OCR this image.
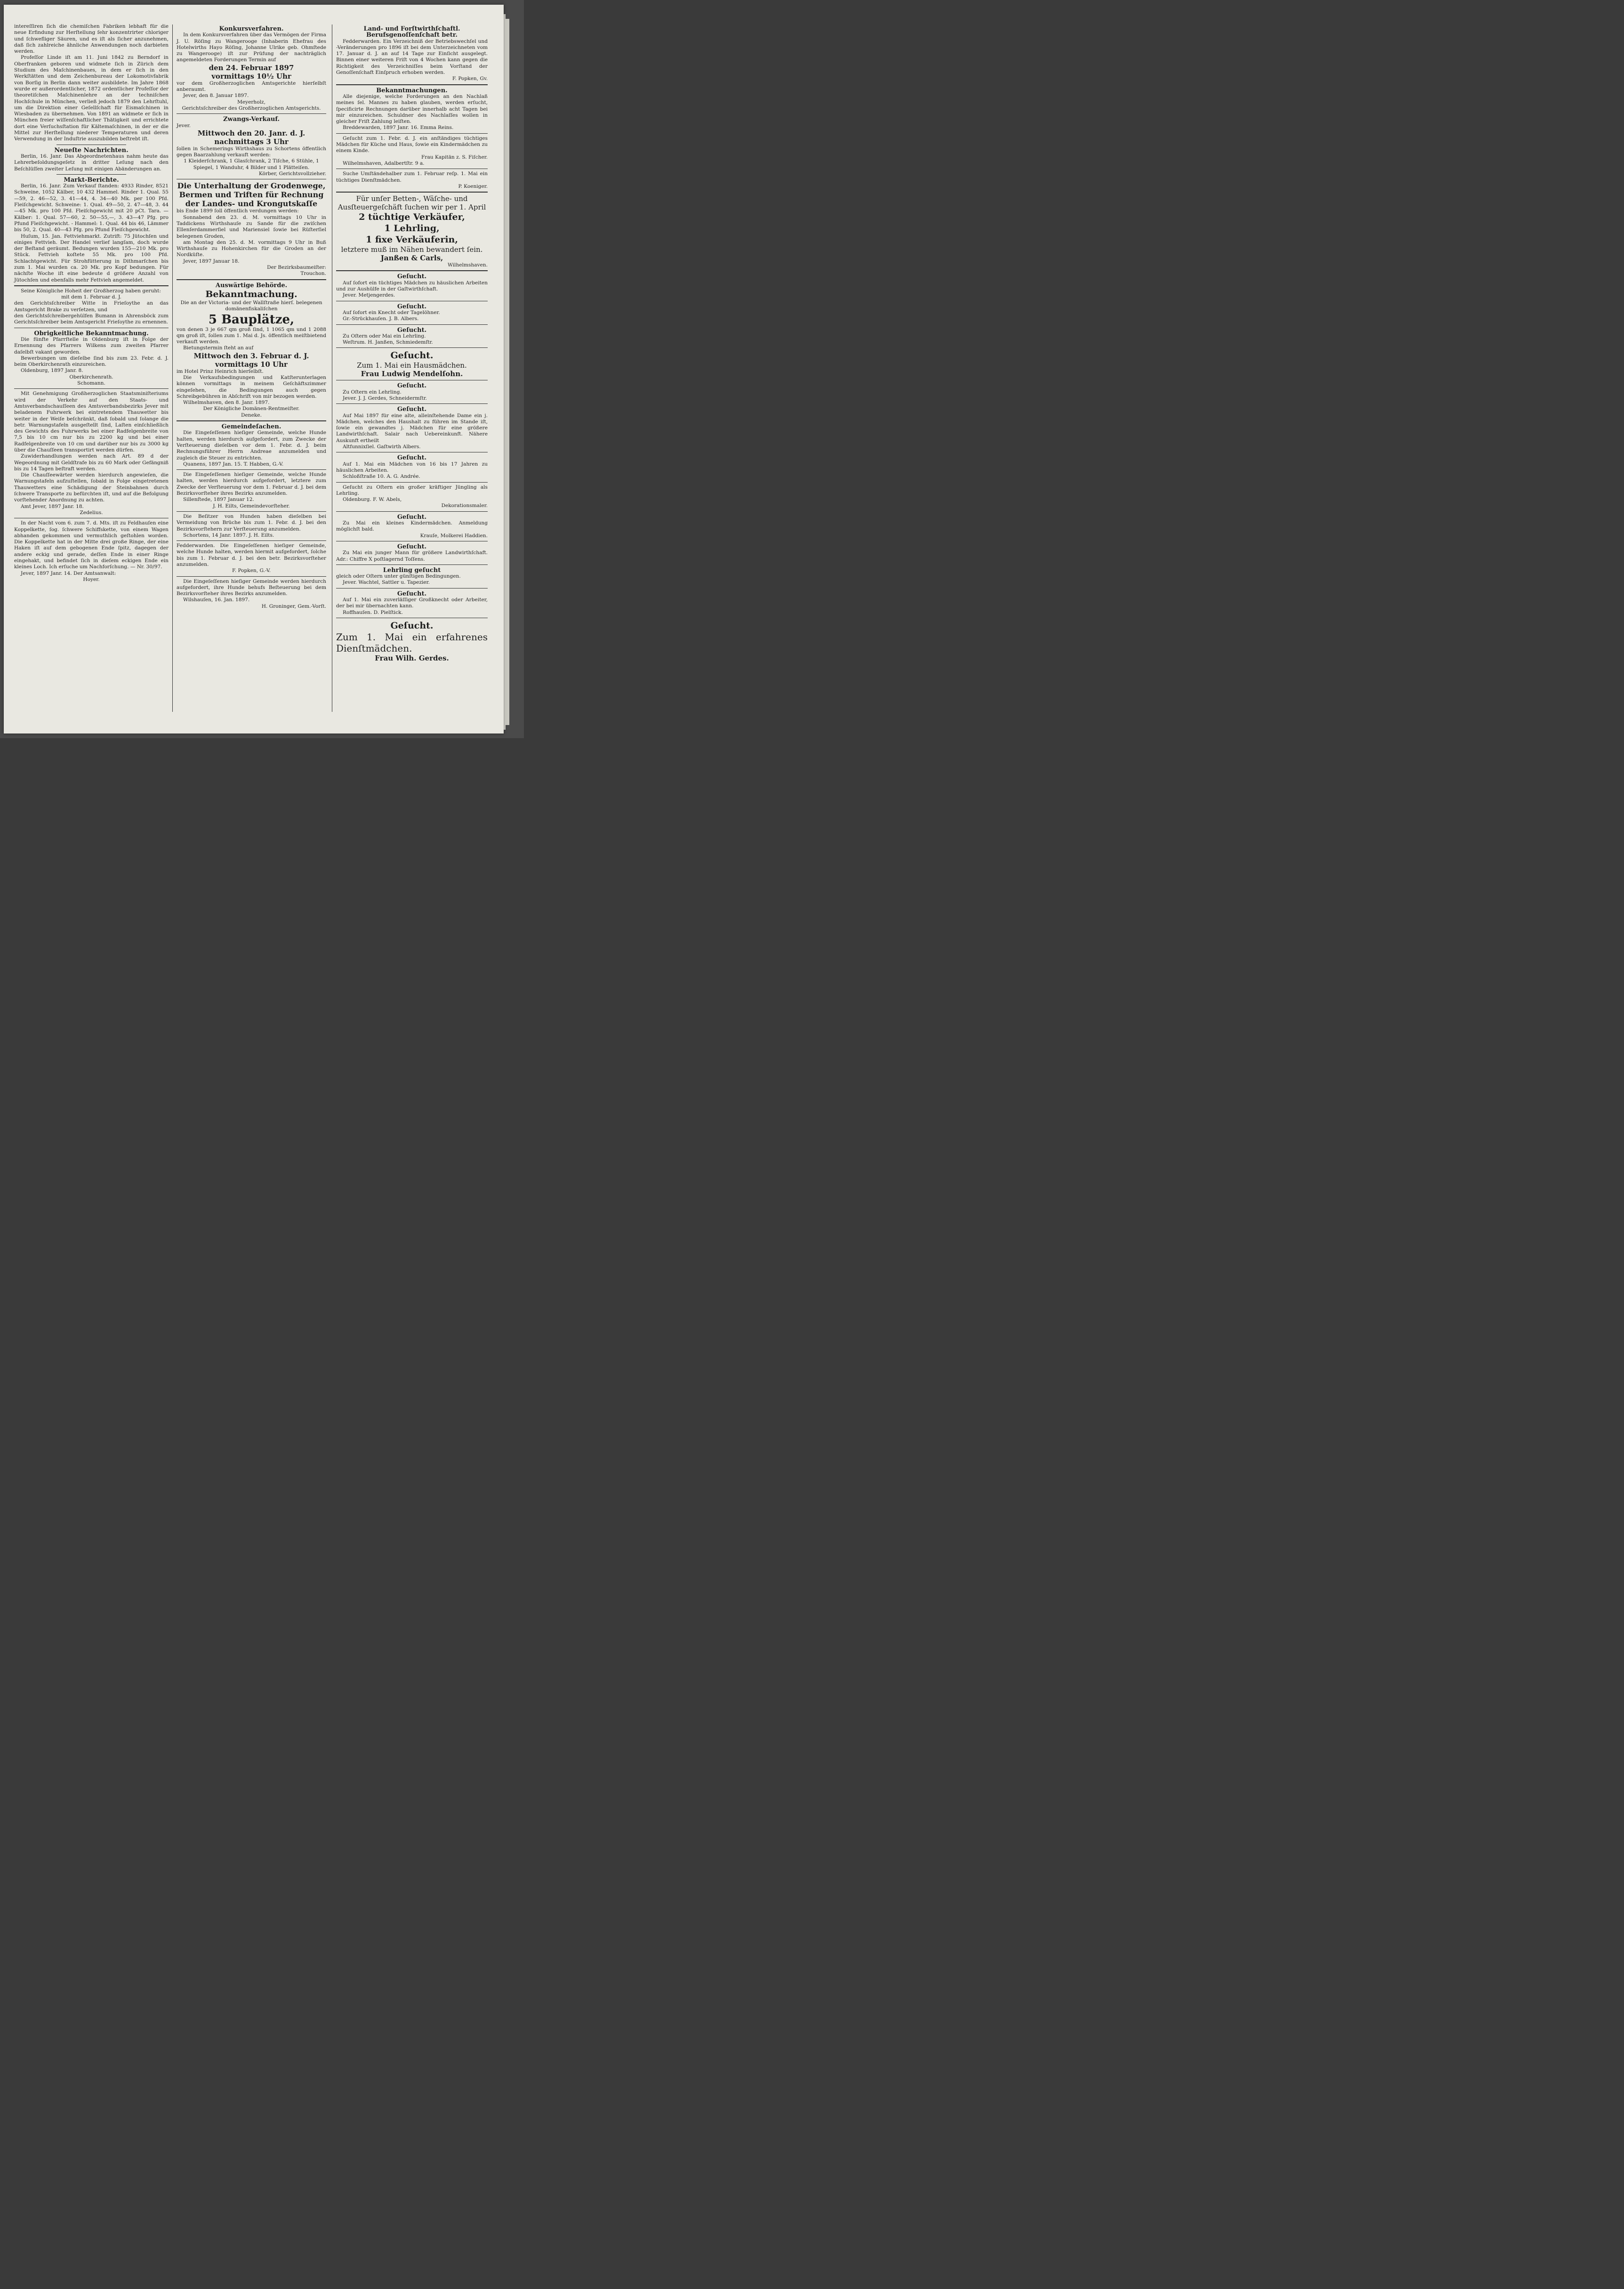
intereſſiren ſich die chemiſchen Fabriken lebhaft für die neue Erfindung zur Herſtellung ſehr konzentrirter chloriger und ſchwefliger Säuren, und es iſt als ſicher anzunehmen, daß ſich zahlreiche ähnliche Anwendungen noch darbieten werden.

Profeſſor Linde iſt am 11. Juni 1842 zu Berndorf in Oberfranken geboren und widmete ſich in Zürich dem Studium des Maſchinenbaues, in dem er ſich in den Werkſtätten und dem Zeichenbureau der Lokomotivfabrik von Borſig in Berlin dann weiter ausbildete. Im Jahre 1868 wurde er außerordentlicher, 1872 ordentlicher Profeſſor der theoretiſchen Maſchinenlehre an der techniſchen Hochſchule in München, verließ jedoch 1879 den Lehrſtuhl, um die Direktion einer Geſellſchaft für Eismaſchinen in Wiesbaden zu übernehmen. Von 1891 an widmete er ſich in München freier wiſſenſchaftlicher Thätigkeit und errichtete dort eine Verſuchsſtation für Kältemaſchinen, in der er die Mittel zur Herſtellung niederer Temperaturen und deren Verwendung in der Induſtrie auszubilden beſtrebt iſt.

Neueſte Nachrichten.

Berlin, 16. Janr. Das Abgeordnetenhaus nahm heute das Lehrerbeſoldungsgeſetz in dritter Leſung nach den Beſchlüſſen zweiter Leſung mit einigen Abänderungen an.

Markt-Berichte.

Berlin, 16. Janr. Zum Verkauf ſtanden: 4933 Rinder, 8521 Schweine, 1052 Kälber, 10 432 Hammel. Rinder 1. Qual. 55—59, 2. 46—52, 3. 41—44, 4. 34—40 Mk. per 100 Pfd. Fleiſchgewicht. Schweine: 1. Qual. 49—50, 2. 47—48, 3. 44—45 Mk. pro 100 Pfd. Fleiſchgewicht mit 20 pCt. Tara. — Kälber: 1. Qual. 57—60, 2. 50—55,—, 3. 43—47 Pfg. pro Pfund Fleiſchgewicht. - Hammel: 1. Qual. 44 bis 46, Lämmer bis 50, 2. Qual. 40—43 Pfg. pro Pfund Fleiſchgewicht.

Huſum, 15. Jan. Fettviehmarkt. Zutrift: 75 Jütochſen und einiges Fettvieh. Der Handel verlief langſam, doch wurde der Beſtand geräumt. Bedungen wurden 155—210 Mk. pro Stück. Fettvieh koſtete 55 Mk. pro 100 Pfd. Schlachtgewicht. Für Strohfütterung in Dithmarſchen bis zum 1. Mai wurden ca. 20 Mk. pro Kopf bedungen. Für nächſte Woche iſt eine bedeute d größere Anzahl von Jütochſen und ebenfalls mehr Fettvieh angemeldet.

Seine Königliche Hoheit der Großherzog haben geruht:

mit dem 1. Februar d. J.

den Gerichtsſchreiber Witte in Frieſoythe an das Amtsgericht Brake zu verſetzen, und

den Gerichtsſchreibergehülfen Bumann in Ahrensböck zum Gerichtsſchreiber beim Amtsgericht Frieſoythe zu ernennen.

Obrigkeitliche Bekanntmachung.

Die fünfte Pfarrſtelle in Oldenburg iſt in Folge der Ernennung des Pfarrers Wilkens zum zweiten Pfarrer daſelbſt vakant geworden.

Bewerbungen um dieſelbe ſind bis zum 23. Febr. d. J. beim Oberkirchenrath einzureichen.

Oldenburg, 1897 Janr. 8.

Oberkirchenrath.

Schomann.

Mit Genehmigung Großherzoglichen Staatsminiſteriums wird der Verkehr auf den Staats- und Amtsverbandschauſſeen des Amtsverbandsbezirks Jever mit beladenem Fuhrwerk bei eintretendem Thauwetter bis weiter in der Weiſe beſchränkt, daß ſobald und ſolange die betr. Warnungstafeln ausgeſtellt ſind, Laſten einſchließlich des Gewichts des Fuhrwerks bei einer Radfelgenbreite von 7,5 bis 10 cm nur bis zu 2200 kg und bei einer Radfelgenbreite von 10 cm und darüber nur bis zu 3000 kg über die Chauſſeen transportirt werden dürfen.

Zuwiderhandlungen werden nach Art. 89 d der Wegeordnung mit Geldſtrafe bis zu 60 Mark oder Gefängniß bis zu 14 Tagen beſtraft werden.

Die Chauſſeewärter werden hierdurch angewieſen, die Warnungstafeln aufzuſtellen, ſobald in Folge eingetretenen Thauwetters eine Schädigung der Steinbahnen durch ſchwere Transporte zu befürchten iſt, und auf die Befolgung vorſtehender Anordnung zu achten.

Amt Jever, 1897 Janr. 18.

Zedelius.

In der Nacht vom 6. zum 7. d. Mts. iſt zu Feldhauſen eine Koppelkette, ſog. ſchwere Schiffskette, von einem Wagen abhanden gekommen und vermuthlich geſtohlen worden. Die Koppelkette hat in der Mitte drei große Ringe, der eine Haken iſt auf dem gebogenen Ende ſpitz, dagegen der andere eckig und gerade, deſſen Ende in einer Ringe eingehakt, und befindet ſich in dieſem eckigen Ende ein kleines Loch. Ich erſuche um Nachforſchung. — Nr. 30/97.

Jever, 1897 Janr. 14. Der Amtsanwalt:

Hoyer.

Konkursverfahren.

In dem Konkursverfahren über das Vermögen der Firma J. U. Röſing zu Wangerooge (Inhaberin Ehefrau des Hotelwirths Hayo Röſing, Johanne Ulrike geb. Ohmſtede zu Wangerooge) iſt zur Prüfung der nachträglich angemeldeten Forderungen Termin auf

den 24. Februar 1897

vormittags 10½ Uhr

vor dem Großherzoglichen Amtsgerichte hierſelbſt anberaumt.

Jever, den 8. Januar 1897.

Meyerholz,

Gerichtsſchreiber des Großherzoglichen Amtsgerichts.

Zwangs-Verkauf.

Jever.

Mittwoch den 20. Janr. d. J.

nachmittags 3 Uhr

ſollen in Schemerings Wirthshaus zu Schortens öffentlich gegen Baarzahlung verkauft werden:

1 Kleiderſchrank, 1 Glasſchrank, 2 Tiſche, 6 Stühle, 1 Spiegel, 1 Wanduhr, 4 Bilder und 1 Plätteiſen.

Körber, Gerichtsvollzieher.

Die Unterhaltung der Grodenwege, Bermen und Triften für Rechnung der Landes- und Krongutskaſſe

bis Ende 1899 ſoll öffentlich verdungen werden:

Sonnabend den 23. d. M. vormittags 10 Uhr in Taddickens Wirthshauſe zu Sande für die zwiſchen Ellenſerdammerſiel und Mariensiel ſowie bei Rüſterſiel belegenen Groden,

am Montag den 25. d. M. vormittags 9 Uhr in Buß Wirthshauſe zu Hohenkirchen für die Groden an der Nordküſte.

Jever, 1897 Januar 18.

Der Bezirksbaumeiſter:

Trouchon.

Auswärtige Behörde.

Bekanntmachung.

Die an der Victoria- und der Wallſtraße hierſ. belegenen domänenfiskaliſchen

5 Bauplätze,

von denen 3 je 667 qm groß ſind, 1 1065 qm und 1 2088 qm groß iſt, ſollen zum 1. Mai d. Js. öffentlich meiſtbietend verkauft werden.

Bietungstermin ſteht an auf

Mittwoch den 3. Februar d. J.

vormittags 10 Uhr

im Hotel Prinz Heinrich hierſelbſt.

Die Verkaufsbedingungen und Katſterunterlagen können vormittags in meinem Geſchäftszimmer eingeſehen, die Bedingungen auch gegen Schreibgebühren in Abſchrift von mir bezogen werden.

Wilhelmshaven, den 8. Janr. 1897.

Der Königliche Domänen-Rentmeiſter.

Deneke.

Gemeindeſachen.

Die Eingeſeſſenen hieſiger Gemeinde, welche Hunde halten, werden hierdurch aufgefordert, zum Zwecke der Verſteuerung dieſelben vor dem 1. Febr. d. J. beim Rechnungsführer Herrn Andreae anzumelden und zugleich die Steuer zu entrichten.

Quanens, 1897 Jan. 15. T. Habben, G.-V.

Die Eingeſeſſenen hieſiger Gemeinde, welche Hunde halten, werden hierdurch aufgefordert, letztere zum Zwecke der Verſteuerung vor dem 1. Februar d. J. bei dem Bezirksvorſteher ihres Bezirks anzumelden.

Sillenſtede, 1897 Januar 12.

J. H. Eilts, Gemeindevorſteher.

Die Beſitzer von Hunden haben dieſelben bei Vermeidung von Brüche bis zum 1. Febr. d. J. bei den Bezirksvorſtehern zur Verſteuerung anzumelden.

Schortens, 14 Janr. 1897. J. H. Eilts.

Fedderwarden. Die Eingeſeſſenen hieſiger Gemeinde, welche Hunde halten, werden hiermit aufgefordert, ſolche bis zum 1. Februar d. J. bei den betr. Bezirksvorſteher anzumelden.

F. Popken, G.-V.

Die Eingeſeſſenen hieſiger Gemeinde werden hierdurch aufgefordert, ihre Hunde behufs Beſteuerung bei dem Bezirksvorſteher ihres Bezirks anzumelden.

Wilshauſen, 16. Jan. 1897.

H. Groninger, Gem.-Vorſt.

Land- und Forſtwirthſchaftl. Berufsgenoſſenſchaft betr.

Fedderwarden. Ein Verzeichniß der Betriebswechſel und -Veränderungen pro 1896 iſt bei dem Unterzeichneten vom 17. Januar d. J. an auf 14 Tage zur Einſicht ausgelegt. Binnen einer weiteren Friſt von 4 Wochen kann gegen die Richtigkeit des Verzeichniſſes beim Vorſtand der Genoſſenſchaft Einſpruch erhoben werden.

F. Popken, Gv.

Bekanntmachungen.

Alle diejenige, welche Forderungen an den Nachlaß meines ſel. Mannes zu haben glauben, werden erſucht, ſpecificirte Rechnungen darüber innerhalb acht Tagen bei mir einzureichen. Schuldner des Nachlaſſes wollen in gleicher Friſt Zahlung leiſten.

Breddewarden, 1897 Janr. 16. Emma Reins.

Geſucht zum 1. Febr. d. J. ein anſtändiges tüchtiges Mädchen für Küche und Haus, ſowie ein Kindermädchen zu einem Kinde.

Frau Kapitän z. S. Fiſcher.

Wilhelmshaven, Adalbertſtr. 9 a.

Suche Umſtändehalber zum 1. Februar reſp. 1. Mai ein tüchtiges Dienſtmädchen.

P. Koeniger.

Für unſer Betten-, Wäſche- und Ausſteuergeſchäft ſuchen wir per 1. April

2 tüchtige Verkäufer,

1 Lehrling,

1 fixe Verkäuferin,

letztere muß im Nähen bewandert ſein.

Janßen & Carls,

Wilhelmshaven.

Geſucht.

Auf ſofort ein tüchtiges Mädchen zu häuslichen Arbeiten und zur Aushülfe in der Gaſtwirthſchaft.

Jever. Metjengerdes.

Geſucht.

Auf ſofort ein Knecht oder Tagelöhner.

Gr.-Strückhauſen. J. B. Albers.

Geſucht.

Zu Oſtern oder Mai ein Lehrling.

Weſtrum. H. Janßen, Schmiedemſtr.

Geſucht.

Zum 1. Mai ein Hausmädchen.

Frau Ludwig Mendelſohn.

Geſucht.

Zu Oſtern ein Lehrling.

Jever. J. J. Gerdes, Schneidermſtr.

Geſucht.

Auf Mai 1897 für eine alte, alleinſtehende Dame ein j. Mädchen, welches den Haushalt zu führen im Stande iſt, ſowie ein gewandtes j. Mädchen für eine größere Landwirthſchaft. Salair nach Uebereinkunft. Nähere Auskunft ertheilt

Altfunnixſiel. Gaſtwirth Albers.

Geſucht.

Auf 1. Mai ein Mädchen von 16 bis 17 Jahren zu häuslichen Arbeiten.

Schloßſtraße 10. A. G. Andrée.

Geſucht zu Oſtern ein großer kräftiger Jüngling als Lehrling.

Oldenburg. F. W. Abels,

Dekorationsmaler.

Geſucht.

Zu Mai ein kleines Kindermädchen. Anmeldung möglichſt bald.

Krauſe, Molkerei Haddien.

Geſucht.

Zu Mai ein junger Mann für größere Landwirthſchaft. Adr.: Chiffre X poſtlagernd Toſſens.

Lehrling geſucht

gleich oder Oſtern unter günſtigen Bedingungen.

Jever. Wachtel, Sattler u. Tapezier.

Geſucht.

Auf 1. Mai ein zuverläſſiger Großknecht oder Arbeiter, der bei mir übernachten kann.

Roffhauſen. D. Pielſtick.

Geſucht.

Zum 1. Mai ein erfahrenes Dienſtmädchen.

Frau Wilh. Gerdes.
